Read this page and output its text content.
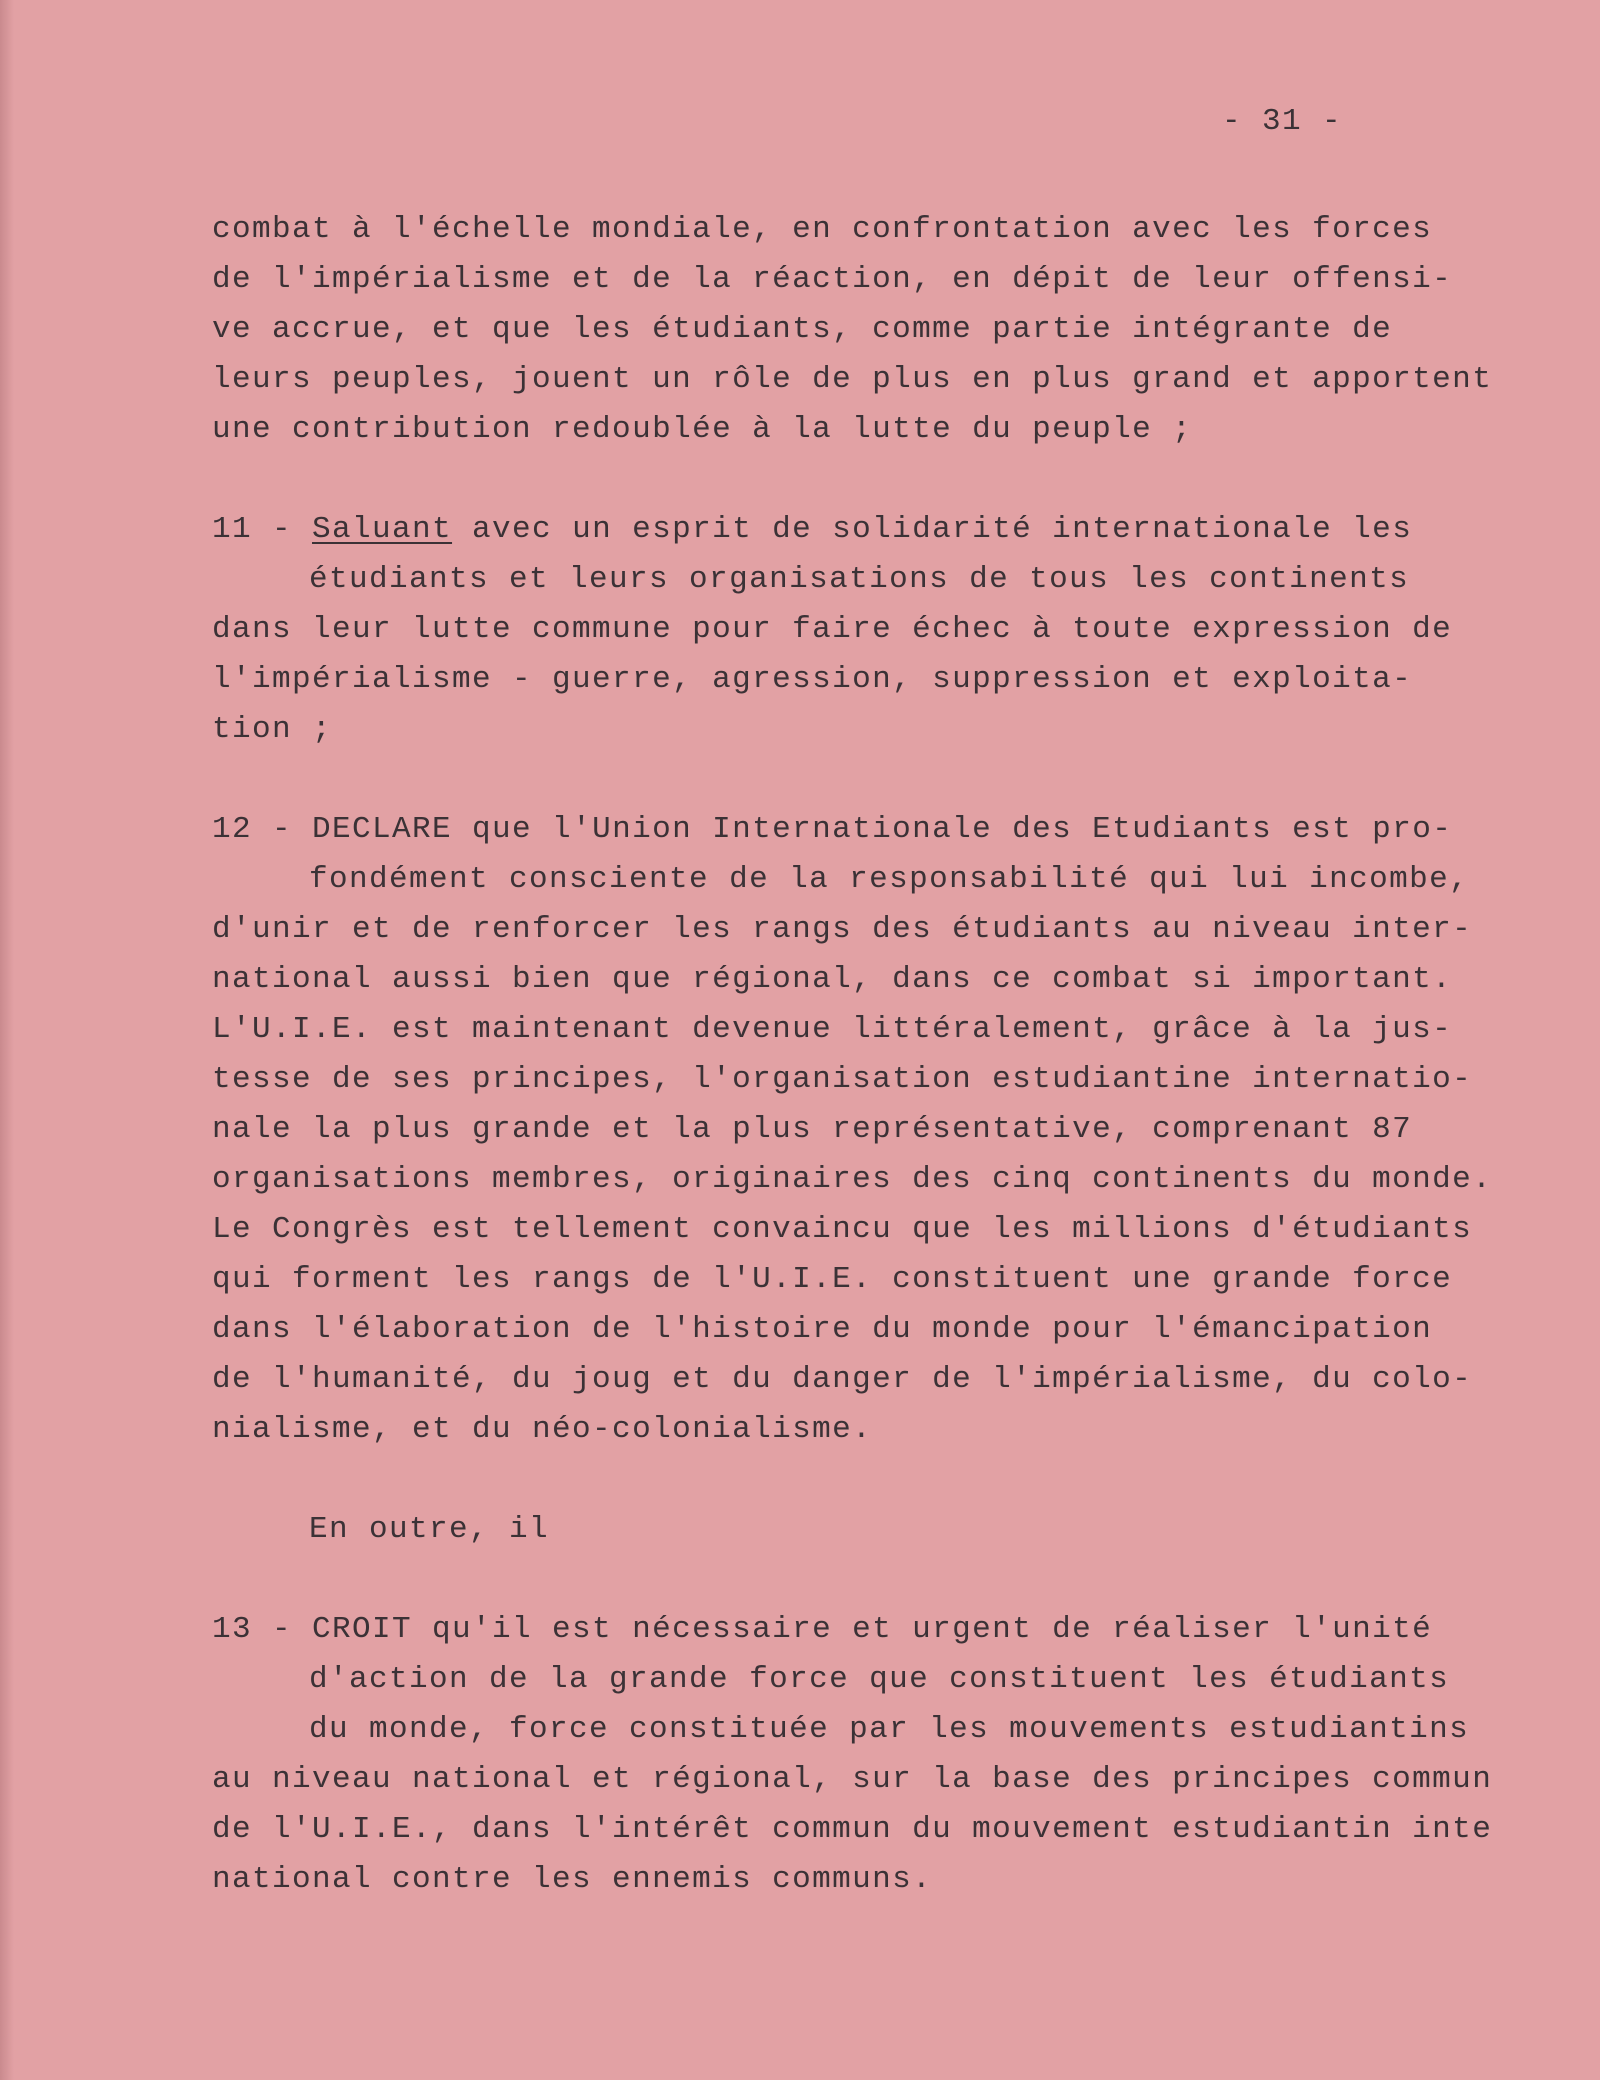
- 31 -
combat à l'échelle mondiale, en confrontation avec les forces
de l'impérialisme et de la réaction, en dépit de leur offensi-
ve accrue, et que les étudiants, comme partie intégrante de
leurs peuples, jouent un rôle de plus en plus grand et apportent
une contribution redoublée à la lutte du peuple ;
11 - Saluant avec un esprit de solidarité internationale les
étudiants et leurs organisations de tous les continents
dans leur lutte commune pour faire échec à toute expression de
l'impérialisme - guerre, agression, suppression et exploita-
tion ;
12 - DECLARE que l'Union Internationale des Etudiants est pro-
fondément consciente de la responsabilité qui lui incombe,
d'unir et de renforcer les rangs des étudiants au niveau inter-
national aussi bien que régional, dans ce combat si important.
L'U.I.E. est maintenant devenue littéralement, grâce à la jus-
tesse de ses principes, l'organisation estudiantine internatio-
nale la plus grande et la plus représentative, comprenant 87
organisations membres, originaires des cinq continents du monde.
Le Congrès est tellement convaincu que les millions d'étudiants
qui forment les rangs de l'U.I.E. constituent une grande force
dans l'élaboration de l'histoire du monde pour l'émancipation
de l'humanité, du joug et du danger de l'impérialisme, du colo-
nialisme, et du néo-colonialisme.
En outre, il
13 - CROIT qu'il est nécessaire et urgent de réaliser l'unité
d'action de la grande force que constituent les étudiants
du monde, force constituée par les mouvements estudiantins
au niveau national et régional, sur la base des principes commun
de l'U.I.E., dans l'intérêt commun du mouvement estudiantin inte
national contre les ennemis communs.
